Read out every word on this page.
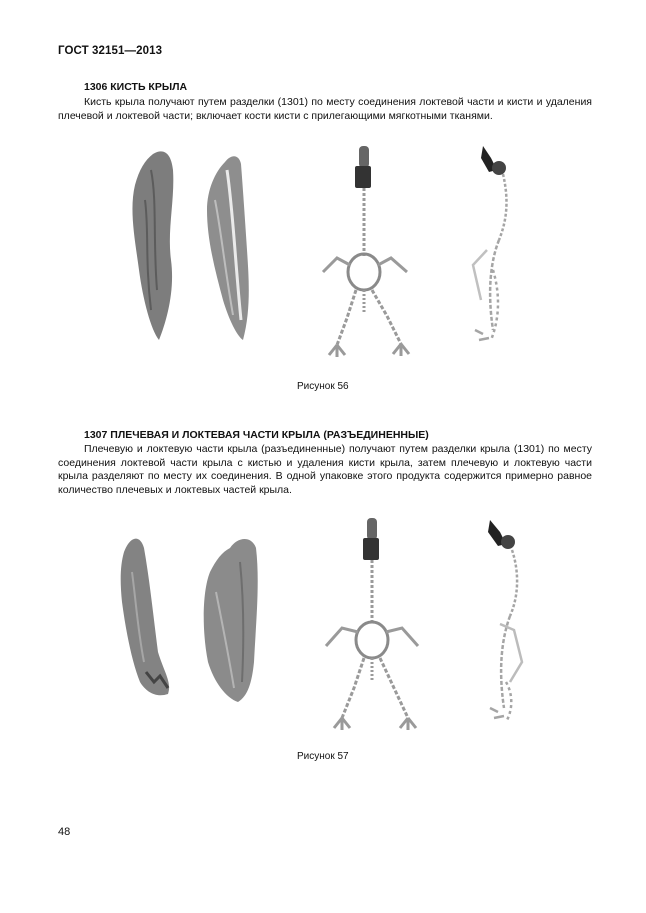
ГОСТ 32151—2013
1306 КИСТЬ КРЫЛА
Кисть крыла получают путем разделки (1301) по месту соединения локтевой части и кисти и удаления плечевой и локтевой части; включает кости кисти с прилегающими мягкотными тканями.
Рисунок 56
1307 ПЛЕЧЕВАЯ И ЛОКТЕВАЯ ЧАСТИ КРЫЛА (РАЗЪЕДИНЕННЫЕ)
Плечевую и локтевую части крыла (разъединенные) получают путем разделки крыла (1301) по месту соединения локтевой части крыла с кистью и удаления кисти крыла, затем плечевую и локтевую части крыла разделяют по месту их соединения. В одной упаковке этого продукта содержится примерно равное количество плечевых и локтевых частей крыла.
Рисунок 57
48
